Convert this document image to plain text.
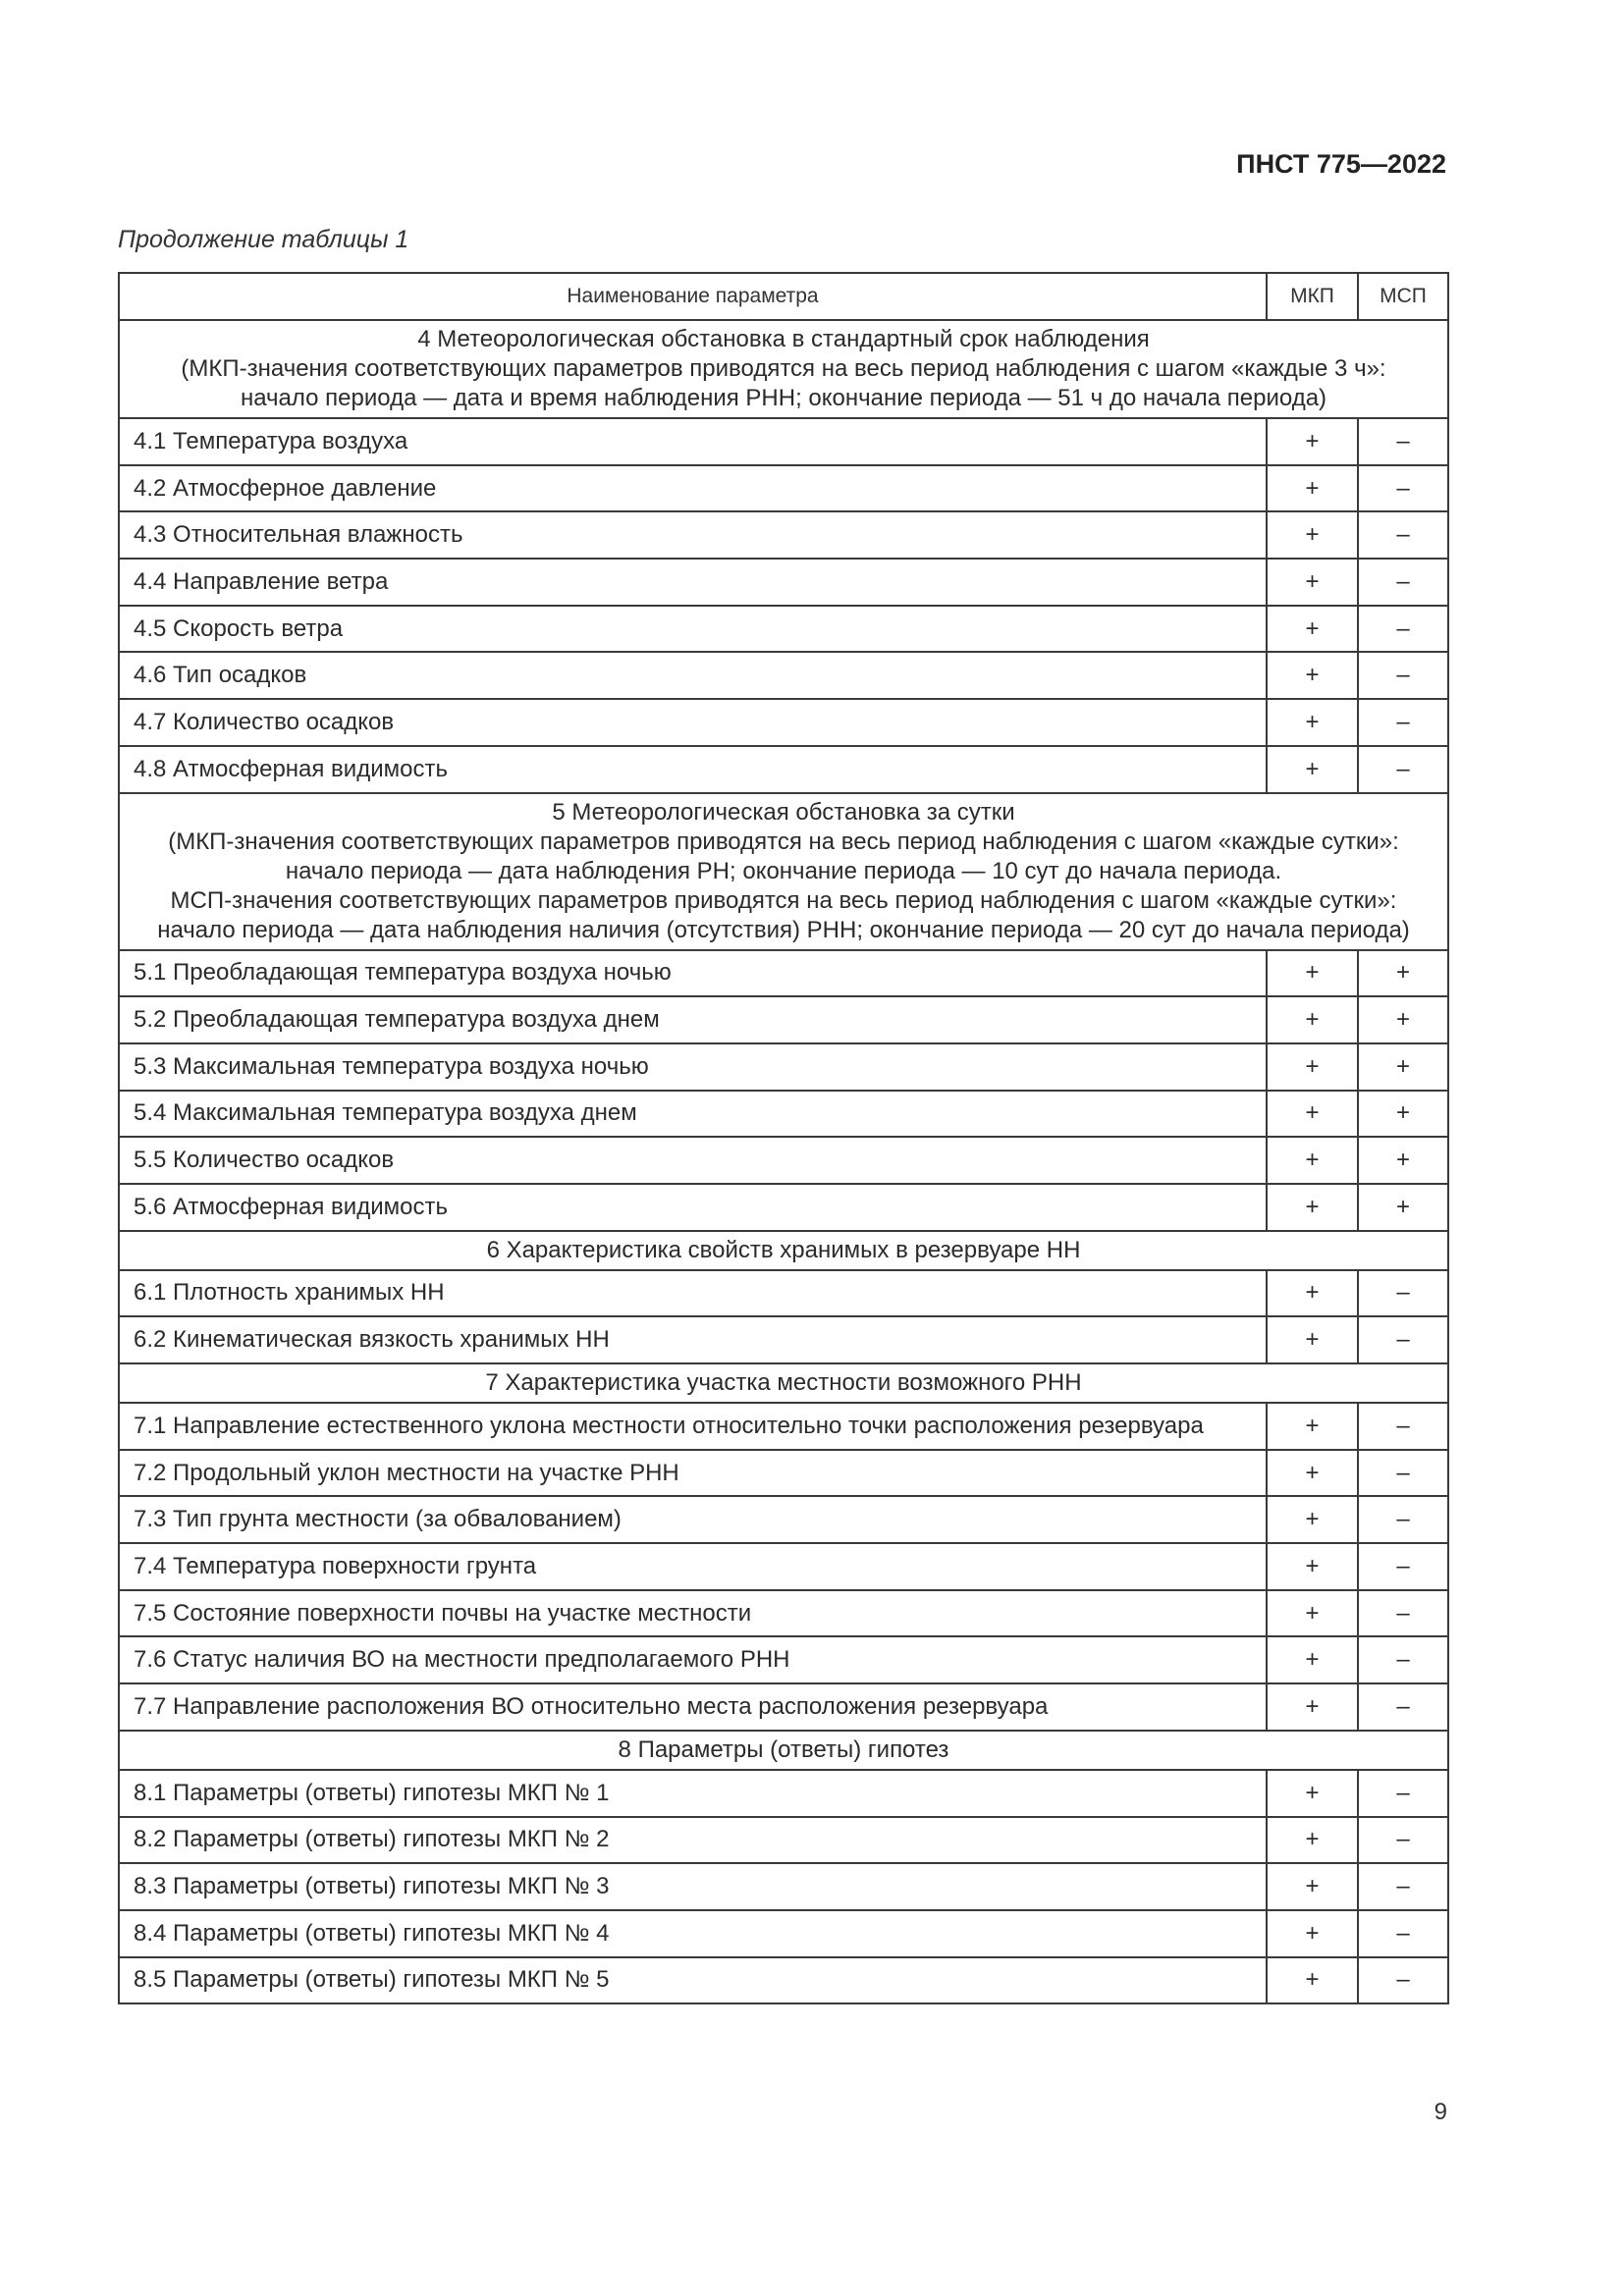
ПНСТ 775—2022
Продолжение таблицы 1
Наименование параметра	МКП	МСП

4 Метеорологическая обстановка в стандартный срок наблюдения
(МКП-значения соответствующих параметров приводятся на весь период наблюдения с шагом «каждые 3 ч»:
начало периода — дата и время наблюдения РНН; окончание периода — 51 ч до начала периода)		

4.1 Температура воздуха	+	–
4.2 Атмосферное давление	+	–
4.3 Относительная влажность	+	–
4.4 Направление ветра	+	–
4.5 Скорость ветра	+	–
4.6 Тип осадков	+	–
4.7 Количество осадков	+	–
4.8 Атмосферная видимость	+	–

5 Метеорологическая обстановка за сутки
(МКП-значения соответствующих параметров приводятся на весь период наблюдения с шагом «каждые сутки»:
начало периода — дата наблюдения РН; окончание периода — 10 сут до начала периода.
МСП-значения соответствующих параметров приводятся на весь период наблюдения с шагом «каждые сутки»:
начало периода — дата наблюдения наличия (отсутствия) РНН; окончание периода — 20 сут до начала периода)		

5.1 Преобладающая температура воздуха ночью	+	+
5.2 Преобладающая температура воздуха днем	+	+
5.3 Максимальная температура воздуха ночью	+	+
5.4 Максимальная температура воздуха днем	+	+
5.5 Количество осадков	+	+
5.6 Атмосферная видимость	+	+

6 Характеристика свойств хранимых в резервуаре НН		

6.1 Плотность хранимых НН	+	–
6.2 Кинематическая вязкость хранимых НН	+	–

7 Характеристика участка местности возможного РНН		

7.1 Направление естественного уклона местности относительно точки расположения резервуара	+	–
7.2 Продольный уклон местности на участке РНН	+	–
7.3 Тип грунта местности (за обвалованием)	+	–
7.4 Температура поверхности грунта	+	–
7.5 Состояние поверхности почвы на участке местности	+	–
7.6 Статус наличия ВО на местности предполагаемого РНН	+	–
7.7 Направление расположения ВО относительно места расположения резервуара	+	–

8 Параметры (ответы) гипотез		

8.1 Параметры (ответы) гипотезы МКП № 1	+	–
8.2 Параметры (ответы) гипотезы МКП № 2	+	–
8.3 Параметры (ответы) гипотезы МКП № 3	+	–
8.4 Параметры (ответы) гипотезы МКП № 4	+	–
8.5 Параметры (ответы) гипотезы МКП № 5	+	–
9
